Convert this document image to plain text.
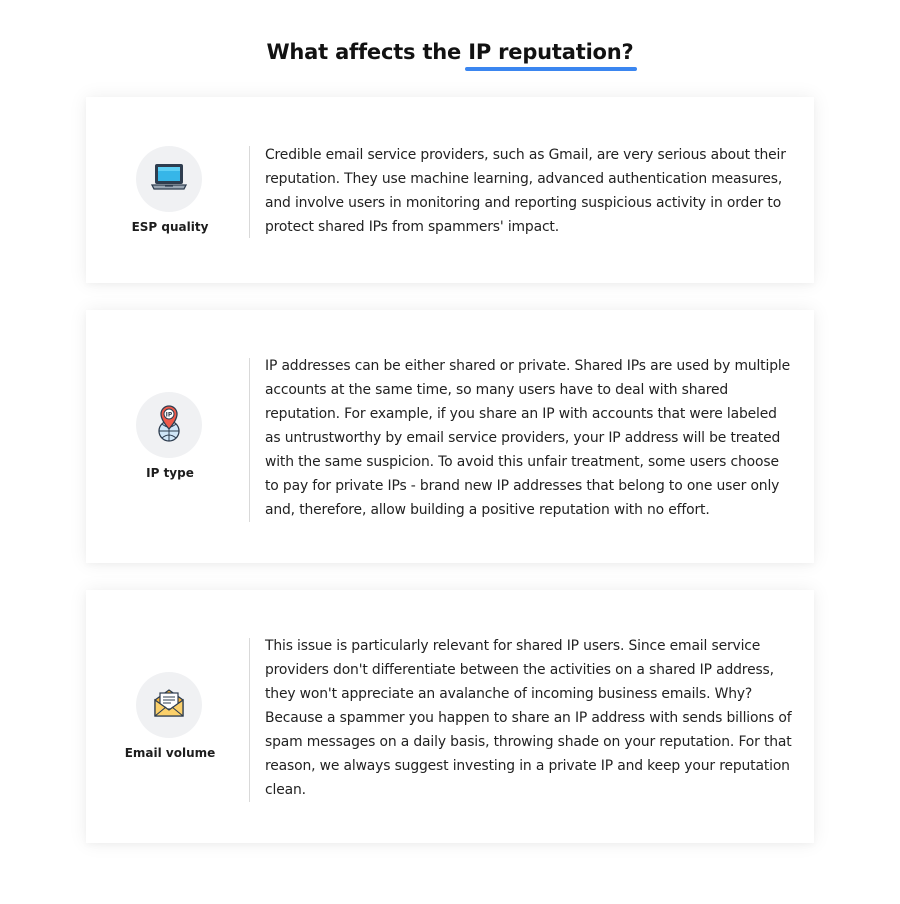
What affects the IP reputation?
ESP quality
Credible email service providers, such as Gmail, are very serious about their reputation. They use machine learning, advanced authentication measures, and involve users in monitoring and reporting suspicious activity in order to protect shared IPs from spammers' impact.
IP
IP type
IP addresses can be either shared or private. Shared IPs are used by multiple accounts at the same time, so many users have to deal with shared reputation. For example, if you share an IP with accounts that were labeled as untrustworthy by email service providers, your IP address will be treated with the same suspicion. To avoid this unfair treatment, some users choose to pay for private IPs - brand new IP addresses that belong to one user only and, therefore, allow building a positive reputation with no effort.
Email volume
This issue is particularly relevant for shared IP users. Since email service providers don't differentiate between the activities on a shared IP address, they won't appreciate an avalanche of incoming business emails. Why? Because a spammer you happen to share an IP address with sends billions of spam messages on a daily basis, throwing shade on your reputation. For that reason, we always suggest investing in a private IP and keep your reputation clean.
